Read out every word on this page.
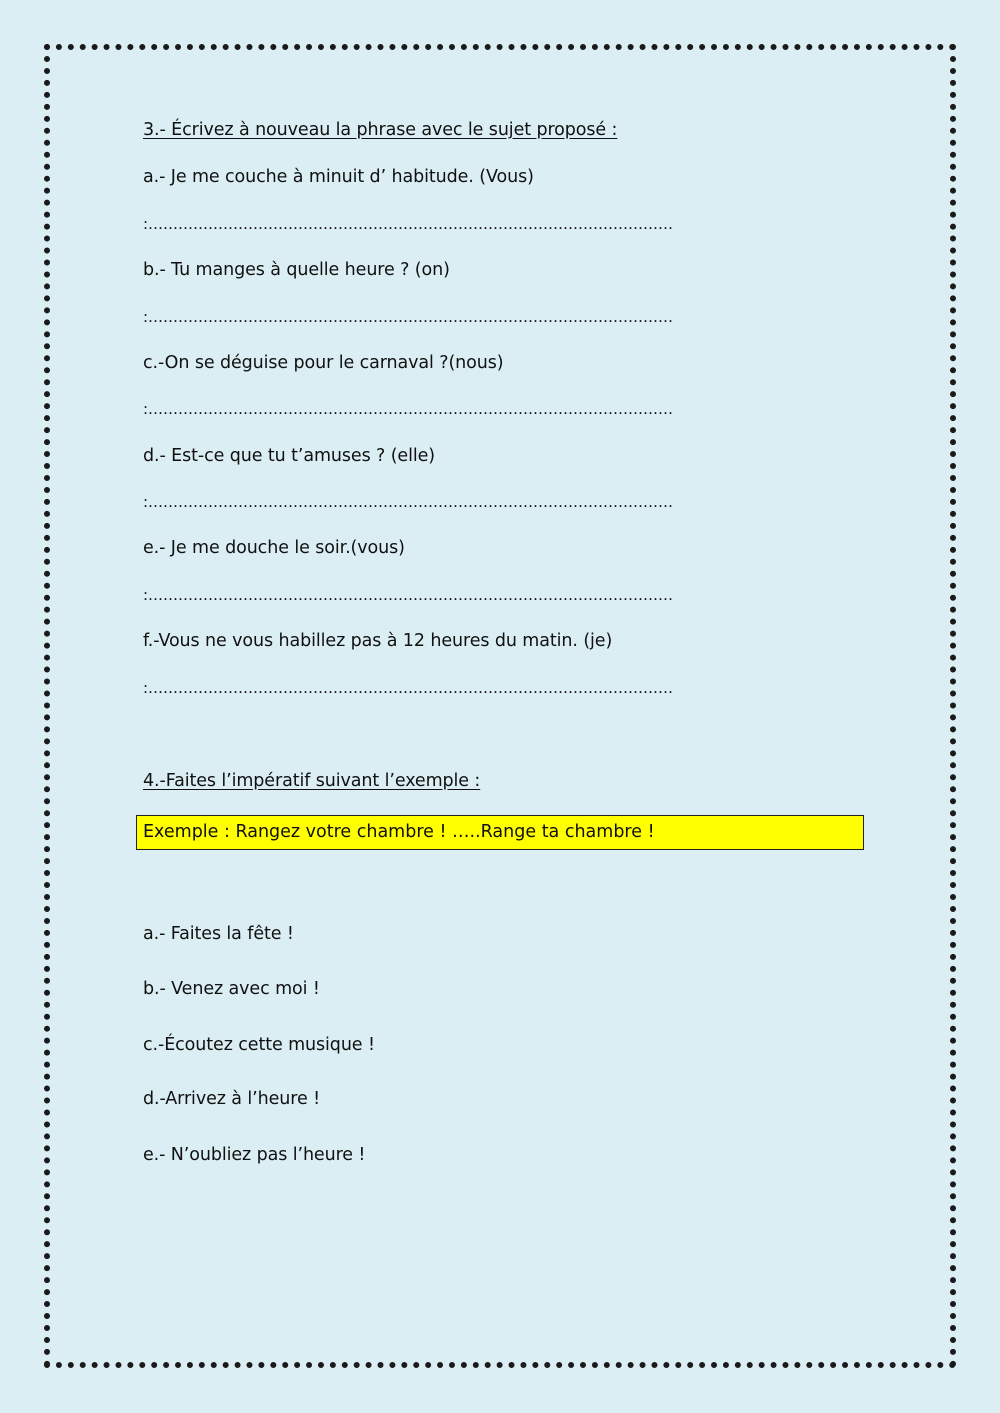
3.- Écrivez à nouveau la phrase avec le sujet proposé :
a.- Je me couche à minuit d’ habitude. (Vous)
:……………………………………………………………………………………………
b.- Tu manges à quelle heure ? (on)
:……………………………………………………………………………………………
c.-On se déguise pour le carnaval ?(nous)
:……………………………………………………………………………………………
d.- Est-ce que tu t’amuses ? (elle)
:……………………………………………………………………………………………
e.- Je me douche le soir.(vous)
:……………………………………………………………………………………………
f.-Vous ne vous habillez pas à 12 heures du matin. (je)
:……………………………………………………………………………………………
4.-Faites l’impératif suivant l’exemple :
a.- Faites la fête !
b.- Venez avec moi !
c.-Écoutez cette musique !
d.-Arrivez à l’heure !
e.- N’oubliez pas l’heure !
Exemple : Rangez votre chambre ! …..Range ta chambre !
